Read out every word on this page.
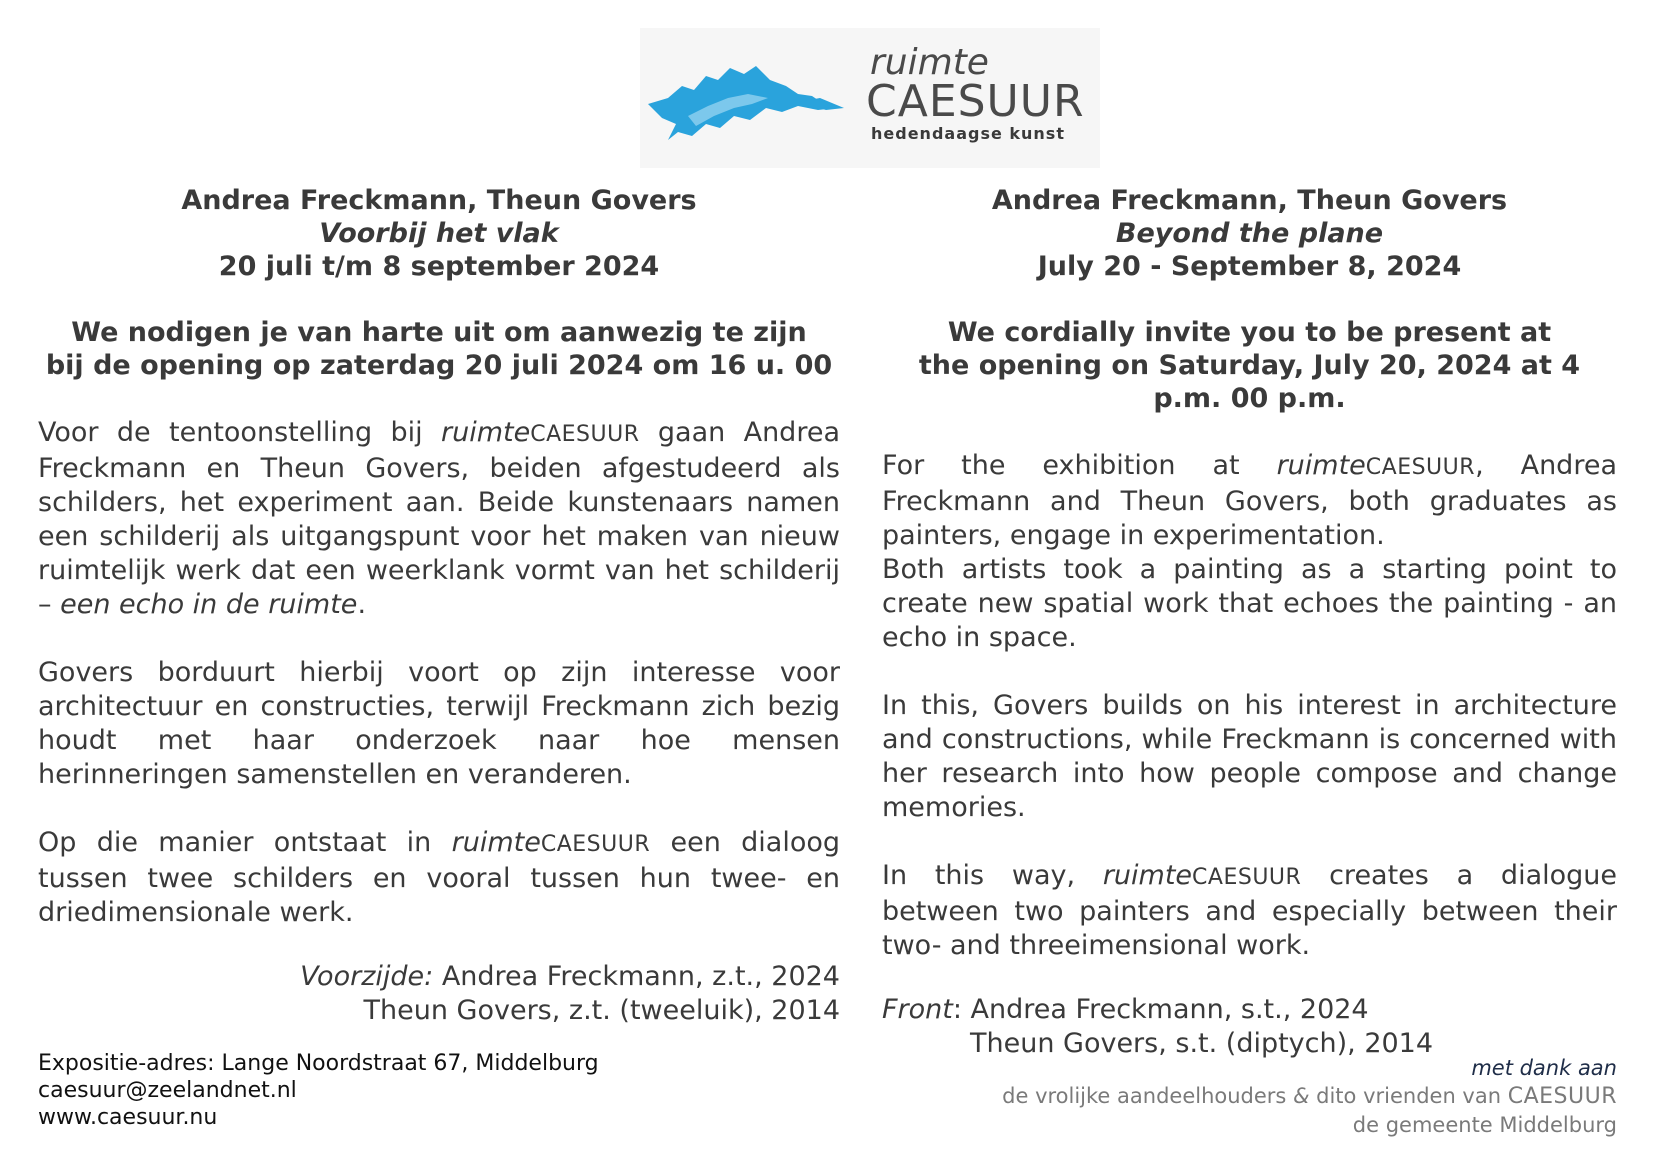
ruimte
CAESUUR
hedendaagse kunst
Andrea Freckmann, Theun Govers
Voorbij het vlak
20 juli t/m 8 september 2024
We nodigen je van harte uit om aanwezig te zijn
bij de opening op zaterdag 20 juli 2024 om 16 u. 00
Voor de tentoonstelling bij ruimteCAESUUR gaan Andrea Freckmann en Theun Govers, beiden afgestudeerd als schilders, het experiment aan. Beide kunstenaars namen een schilderij als uitgangspunt voor het maken van nieuw ruimtelijk werk dat een weerklank vormt van het schilderij – een echo in de ruimte.
Govers borduurt hierbij voort op zijn interesse voor architectuur en constructies, terwijl Freckmann zich bezig houdt met haar onderzoek naar hoe mensen herinneringen samenstellen en veranderen.
Op die manier ontstaat in ruimteCAESUUR een dialoog tussen twee schilders en vooral tussen hun twee- en driedimensionale werk.
Voorzijde: Andrea Freckmann, z.t., 2024
Theun Govers, z.t. (tweeluik), 2014
Andrea Freckmann, Theun Govers
Beyond the plane
July 20 - September 8, 2024
We cordially invite you to be present at
the opening on Saturday, July 20, 2024 at 4 p.m. 00 p.m.
For the exhibition at ruimteCAESUUR, Andrea Freckmann and Theun Govers, both graduates as painters, engage in experimentation.
Both artists took a painting as a starting point to create new spatial work that echoes the painting - an echo in space.
In this, Govers builds on his interest in architecture and constructions, while Freckmann is concerned with her research into how people compose and change memories.
In this way, ruimteCAESUUR creates a dialogue between two painters and especially between their two- and threeimensional work.
Front: Andrea Freckmann, s.t., 2024
Theun Govers, s.t. (diptych), 2014
Expositie-adres: Lange Noordstraat 67, Middelburg
caesuur@zeelandnet.nl
www.caesuur.nu
met dank aan
de vrolijke aandeelhouders & dito vrienden van CAESUUR
de gemeente Middelburg
